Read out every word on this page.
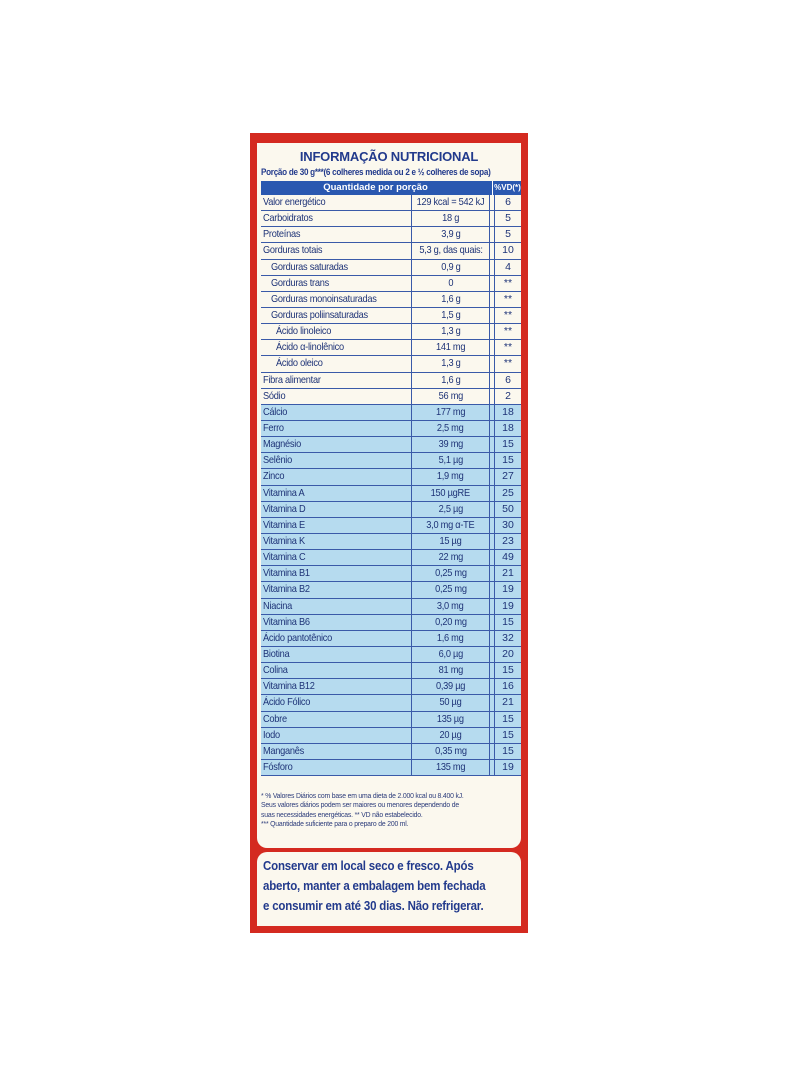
INFORMAÇÃO NUTRICIONAL
Porção de 30 g***(6 colheres medida ou 2 e ½ colheres de sopa)
Quantidade por porção	%VD(*)
Valor energético	129 kcal = 542 kJ	6
Carboidratos	18 g	5
Proteínas	3,9 g	5
Gorduras totais	5,3 g, das quais:	10
Gorduras saturadas	0,9 g	4
Gorduras trans	0	**
Gorduras monoinsaturadas	1,6 g	**
Gorduras poliinsaturadas	1,5 g	**
Ácido linoleico	1,3 g	**
Ácido α-linolênico	141 mg	**
Ácido oleico	1,3 g	**
Fibra alimentar	1,6 g	6
Sódio	56 mg	2
Cálcio	177 mg	18
Ferro	2,5 mg	18
Magnésio	39 mg	15
Selênio	5,1 µg	15
Zinco	1,9 mg	27
Vitamina A	150 µgRE	25
Vitamina D	2,5 µg	50
Vitamina E	3,0 mg α-TE	30
Vitamina K	15 µg	23
Vitamina C	22 mg	49
Vitamina B1	0,25 mg	21
Vitamina B2	0,25 mg	19
Niacina	3,0 mg	19
Vitamina B6	0,20 mg	15
Ácido pantotênico	1,6 mg	32
Biotina	6,0 µg	20
Colina	81 mg	15
Vitamina B12	0,39 µg	16
Ácido Fólico	50 µg	21
Cobre	135 µg	15
Iodo	20 µg	15
Manganês	0,35 mg	15
Fósforo	135 mg	19
* % Valores Diários com base em uma dieta de 2.000 kcal ou 8.400 kJ.
Seus valores diários podem ser maiores ou menores dependendo de
suas necessidades energéticas. ** VD não estabelecido.
*** Quantidade suficiente para o preparo de 200 ml.
Conservar em local seco e fresco. Após
aberto, manter a embalagem bem fechada
e consumir em até 30 dias. Não refrigerar.
